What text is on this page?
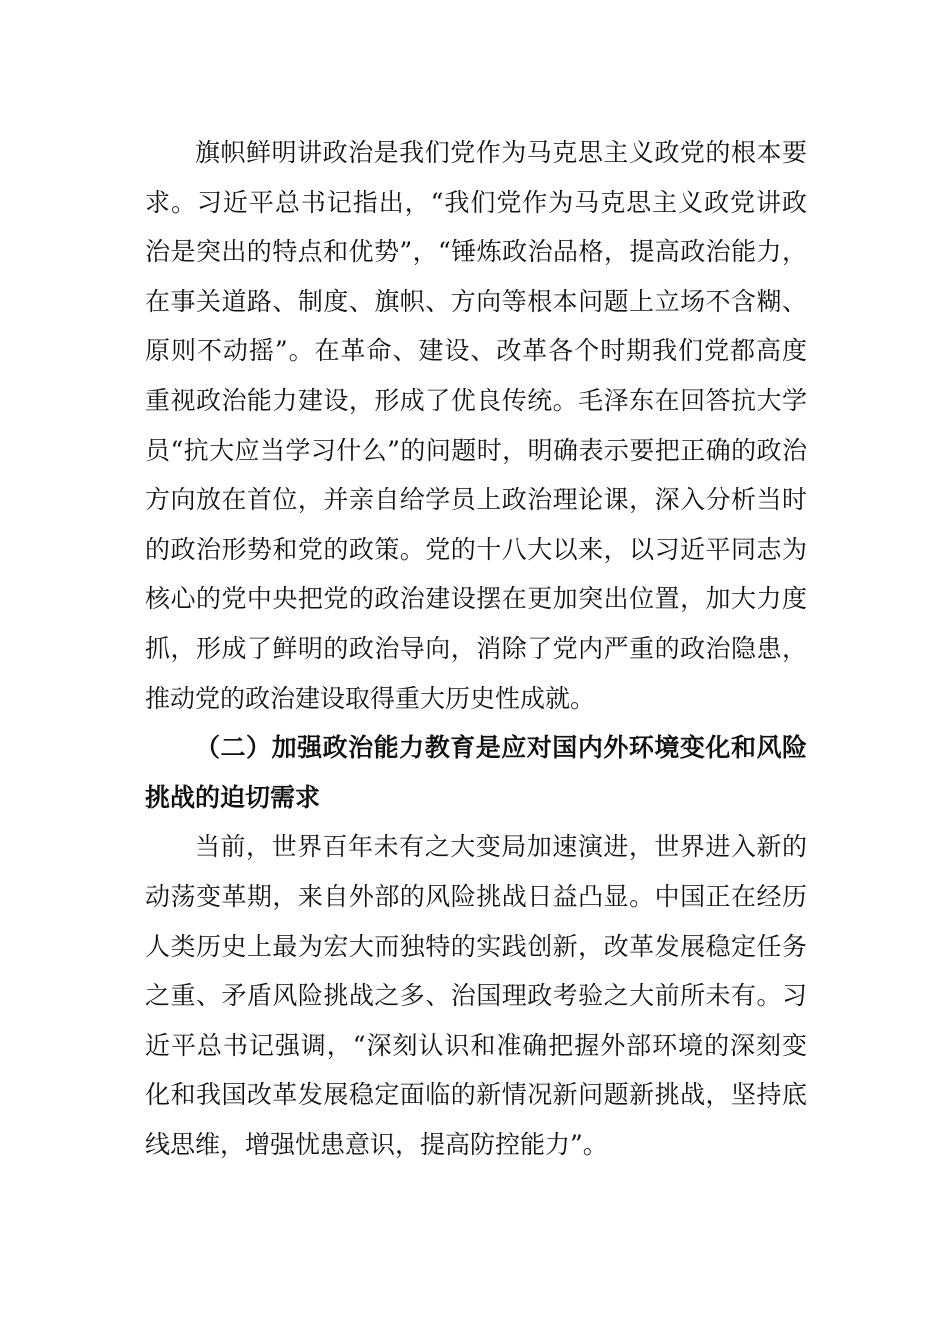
旗帜鲜明讲政治是我们党作为马克思主义政党的根本要求。习近平总书记指出，“我们党作为马克思主义政党讲政治是突出的特点和优势”，“锤炼政治品格，提高政治能力，在事关道路、制度、旗帜、方向等根本问题上立场不含糊、原则不动摇”。在革命、建设、改革各个时期我们党都高度重视政治能力建设，形成了优良传统。毛泽东在回答抗大学员“抗大应当学习什么”的问题时，明确表示要把正确的政治方向放在首位，并亲自给学员上政治理论课，深入分析当时的政治形势和党的政策。党的十八大以来，以习近平同志为核心的党中央把党的政治建设摆在更加突出位置，加大力度抓，形成了鲜明的政治导向，消除了党内严重的政治隐患，推动党的政治建设取得重大历史性成就。

（二）加强政治能力教育是应对国内外环境变化和风险挑战的迫切需求

当前，世界百年未有之大变局加速演进，世界进入新的动荡变革期，来自外部的风险挑战日益凸显。中国正在经历人类历史上最为宏大而独特的实践创新，改革发展稳定任务之重、矛盾风险挑战之多、治国理政考验之大前所未有。习近平总书记强调，“深刻认识和准确把握外部环境的深刻变化和我国改革发展稳定面临的新情况新问题新挑战，坚持底线思维，增强忧患意识，提高防控能力”。
